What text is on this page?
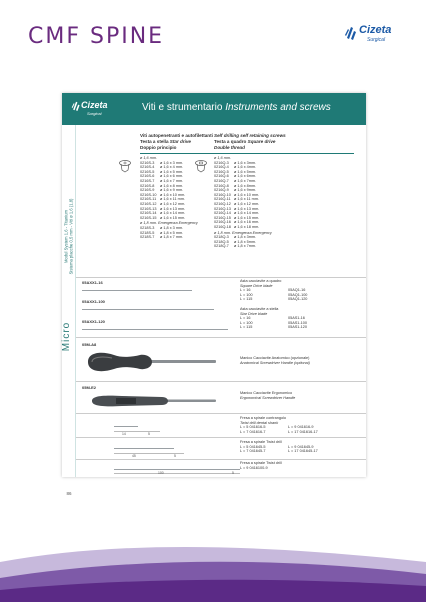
CMF SPINE	Cizeta
Surgical
Cizeta
Surgical
Viti e strumentario Instruments and screws
Modul System 1,6 - Titanium Sistema placche 0,5 mm - Viti ø 1,6 (1,8)
Micro
86
Viti autopenetranti e autofilettanti
Testa a stella Star drive
Doppio principio
Self drilling self retaining screws
Testa a quadro Square drive
Double thread
ø 1,6 mm.
0216S-3	ø 1,6 x 3 mm.
0216S-4	ø 1,6 x 4 mm.
0216S-5	ø 1,6 x 5 mm.
0216S-6	ø 1,6 x 6 mm.
0216S-7	ø 1,6 x 7 mm.
0216S-8	ø 1,6 x 8 mm.
0216S-9	ø 1,6 x 9 mm.
0216S-10 ø 1,6 x 10 mm.
0216S-11	ø 1,6 x 11 mm.
0216S-12 ø 1,6 x 12 mm.
0216S-13 ø 1,6 x 13 mm.
0216S-14 ø 1,6 x 14 mm.
0216S-15 ø 1,6 x 15 mm.
ø 1,8 mm. Emergenza Emergency
0218S-3	ø 1,8 x 3 mm.
0218S-5	ø 1,8 x 5 mm.
0218S-7	ø 1,8 x 7 mm.
ø 1,6 mm.
0216Q-3	ø 1,6 x 3mm.
0216Q-4	ø 1,6 x 4mm.
0216Q-5	ø 1,6 x 5mm.
0216Q-6	ø 1,6 x 6mm.
0216Q-7	ø 1,6 x 7mm.
0216Q-8	ø 1,6 x 8mm.
0216Q-9	ø 1,6 x 9mm.
0216Q-10 ø 1,6 x 10 mm.
0216Q-11 ø 1,6 x 11 mm.
0216Q-12 ø 1,6 x 12 mm.
0216Q-13 ø 1,6 x 13 mm.
0216Q-14 ø 1,6 x 14 mm.
0216Q-15 ø 1,6 x 15 mm.
0216Q-16 ø 1,6 x 16 mm.
0216Q-18 ø 1,6 x 18 mm.
ø 1,8 mm. Emergenza Emergency
0218Q-3	ø 1,8 x 3mm.
0218Q-5	ø 1,8 x 5mm.
0218Q-7	ø 1,8 x 7mm.
05AXX1-16
05AXX1-100
05AXX1-120
Asta cacciavite a quadro
Square Drive blade
L = 16	05AQ1-16
L = 100	05AQ1-100
L = 115	05AQ1-120
Asta cacciavite a stella
Star Drive blade
L = 16	05AS1-16
L = 100	05AS1-100
L = 115	05AS1-120
05M-A8
Manico Cacciavite Anatomico (opzionale)
Anatomical Screwdriver Handle (optional)
05M-E2
Manico Cacciavite Ergonomico
Ergonomical Screwdriver Handle
14	5
Fresa a spirale contrangolo
Twist drill dental shank
L = 5 041616-5	L = 9 041616-9
L = 7 041616-7	L = 17 041616-17
45	5
Fresa a spirale Twist drill
L = 5 041645-5	L = 9 041645-9
L = 7 041645-7	L = 17 041645-17
100	5
Fresa a spirale Twist drill
L = 9 0416100-9
